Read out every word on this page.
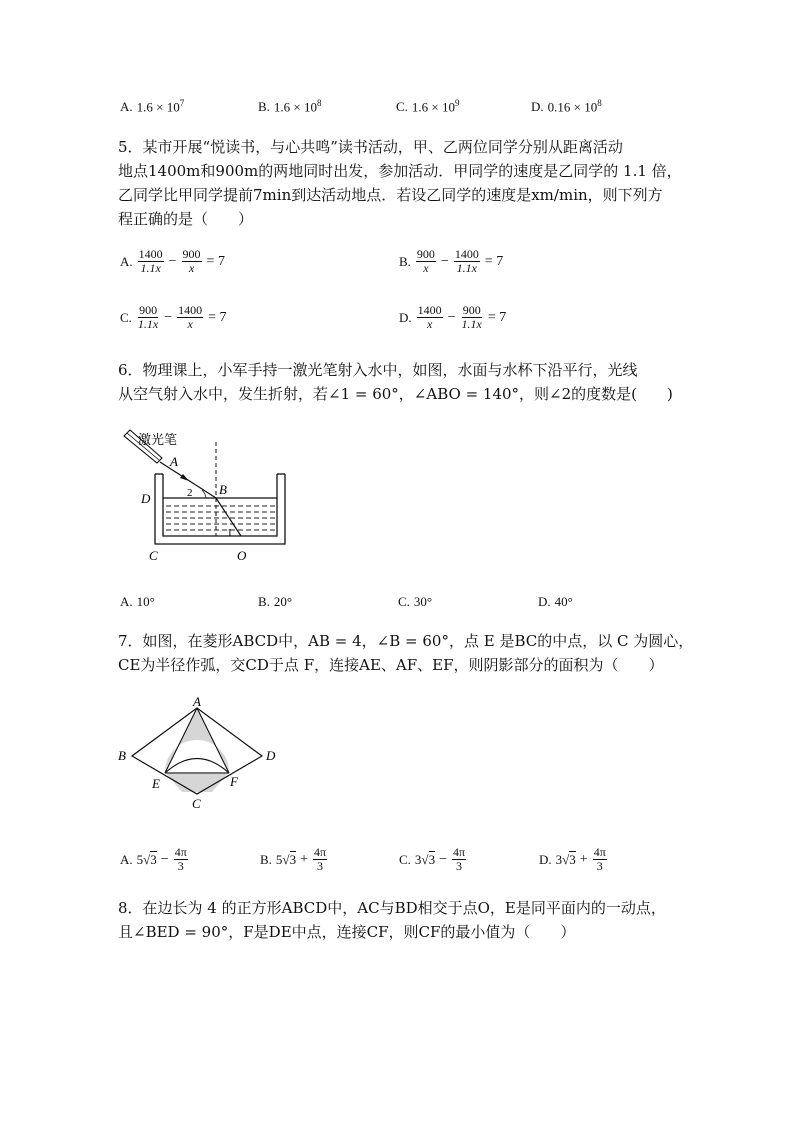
A. $1.6 \times 10^7$	B. $1.6 \times 10^8$	C. $1.6 \times 10^9$	D. $0.16 \times 10^8$
5．某市开展“悦读书，与心共鸣”读书活动，甲、乙两位同学分别从距离活动
地点1400m和900m的两地同时出发，参加活动．甲同学的速度是乙同学的 1.1 倍，
乙同学比甲同学提前7min到达活动地点．若设乙同学的速度是xm/min，则下列方
程正确的是（　　）
A. $\frac{1400}{1.1x} - \frac{900}{x} = 7$	B. $\frac{900}{x} - \frac{1400}{1.1x} = 7$
C. $\frac{900}{1.1x} - \frac{1400}{x} = 7$	D. $\frac{1400}{x} - \frac{900}{1.1x} = 7$
6．物理课上，小军手持一激光笔射入水中，如图，水面与水杯下沿平行，光线
从空气射入水中，发生折射，若∠1 = 60°，∠ABO = 140°，则∠2的度数是(　　)
激光笔
A
B
D
C	O
2
1
A. 10°	B. 20°	C. 30°	D. 40°
7．如图，在菱形ABCD中，AB = 4，∠B = 60°，点 E 是BC的中点，以 C 为圆心，
CE为半径作弧，交CD于点 F，连接AE、AF、EF，则阴影部分的面积为（　　）
A
B	D
C
E	F
A. 5 √ $3 - \frac{4\pi}{3}$	B. 5 √ $3 + \frac{4\pi}{3}$	C. 3 √ $3 - \frac{4\pi}{3}$	D. 3 √ $3 + \frac{4\pi}{3}$
8．在边长为 4 的正方形ABCD中，AC与BD相交于点O，E是同平面内的一动点，
且∠BED = 90°，F是DE中点，连接CF，则CF的最小值为（　　）
